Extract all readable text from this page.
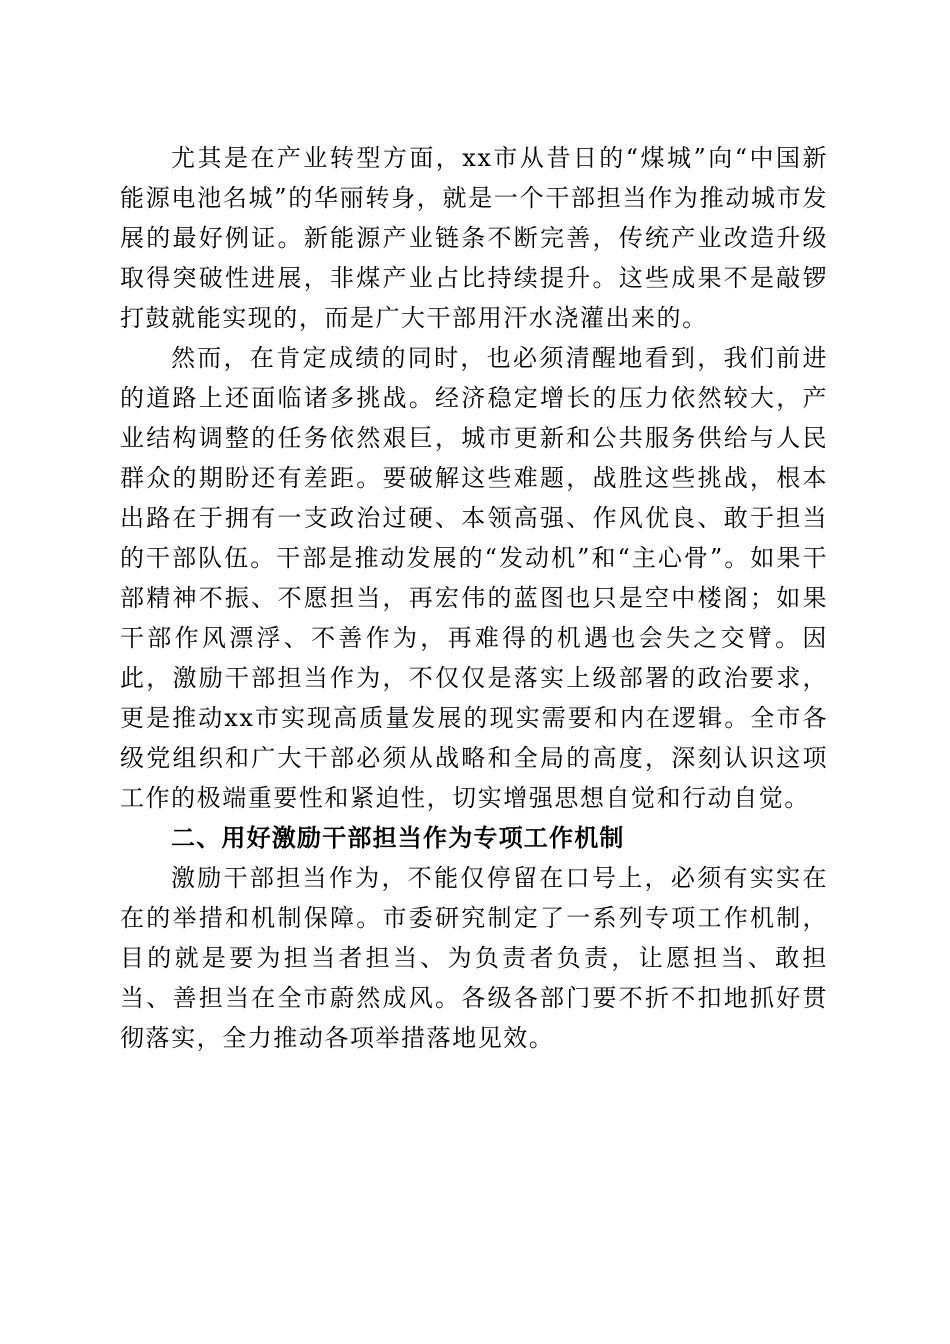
尤其是在产业转型方面，xx市从昔日的“煤城”向“中国新能源电池名城”的华丽转身，就是一个干部担当作为推动城市发展的最好例证。新能源产业链条不断完善，传统产业改造升级取得突破性进展，非煤产业占比持续提升。这些成果不是敲锣打鼓就能实现的，而是广大干部用汗水浇灌出来的。

然而，在肯定成绩的同时，也必须清醒地看到，我们前进的道路上还面临诸多挑战。经济稳定增长的压力依然较大，产业结构调整的任务依然艰巨，城市更新和公共服务供给与人民群众的期盼还有差距。要破解这些难题，战胜这些挑战，根本出路在于拥有一支政治过硬、本领高强、作风优良、敢于担当的干部队伍。干部是推动发展的“发动机”和“主心骨”。如果干部精神不振、不愿担当，再宏伟的蓝图也只是空中楼阁；如果干部作风漂浮、不善作为，再难得的机遇也会失之交臂。因此，激励干部担当作为，不仅仅是落实上级部署的政治要求，更是推动xx市实现高质量发展的现实需要和内在逻辑。全市各级党组织和广大干部必须从战略和全局的高度，深刻认识这项工作的极端重要性和紧迫性，切实增强思想自觉和行动自觉。

二、用好激励干部担当作为专项工作机制

激励干部担当作为，不能仅停留在口号上，必须有实实在在的举措和机制保障。市委研究制定了一系列专项工作机制，目的就是要为担当者担当、为负责者负责，让愿担当、敢担当、善担当在全市蔚然成风。各级各部门要不折不扣地抓好贯彻落实，全力推动各项举措落地见效。
